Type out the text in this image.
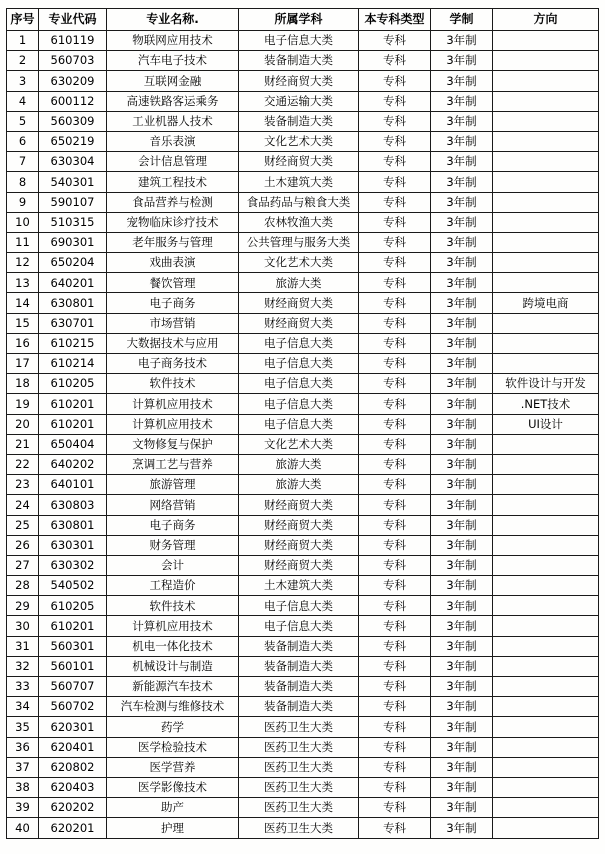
序号	专业代码	专业名称.	所属学科	本专科类型	学制	方向
1	610119	物联网应用技术	电子信息大类	专科	3年制	
2	560703	汽车电子技术	装备制造大类	专科	3年制	
3	630209	互联网金融	财经商贸大类	专科	3年制	
4	600112	高速铁路客运乘务	交通运输大类	专科	3年制	
5	560309	工业机器人技术	装备制造大类	专科	3年制	
6	650219	音乐表演	文化艺术大类	专科	3年制	
7	630304	会计信息管理	财经商贸大类	专科	3年制	
8	540301	建筑工程技术	土木建筑大类	专科	3年制	
9	590107	食品营养与检测	食品药品与粮食大类	专科	3年制	
10	510315	宠物临床诊疗技术	农林牧渔大类	专科	3年制	
11	690301	老年服务与管理	公共管理与服务大类	专科	3年制	
12	650204	戏曲表演	文化艺术大类	专科	3年制	
13	640201	餐饮管理	旅游大类	专科	3年制	
14	630801	电子商务	财经商贸大类	专科	3年制	跨境电商
15	630701	市场营销	财经商贸大类	专科	3年制	
16	610215	大数据技术与应用	电子信息大类	专科	3年制	
17	610214	电子商务技术	电子信息大类	专科	3年制	
18	610205	软件技术	电子信息大类	专科	3年制	软件设计与开发
19	610201	计算机应用技术	电子信息大类	专科	3年制	.NET技术
20	610201	计算机应用技术	电子信息大类	专科	3年制	UI设计
21	650404	文物修复与保护	文化艺术大类	专科	3年制	
22	640202	烹调工艺与营养	旅游大类	专科	3年制	
23	640101	旅游管理	旅游大类	专科	3年制	
24	630803	网络营销	财经商贸大类	专科	3年制	
25	630801	电子商务	财经商贸大类	专科	3年制	
26	630301	财务管理	财经商贸大类	专科	3年制	
27	630302	会计	财经商贸大类	专科	3年制	
28	540502	工程造价	土木建筑大类	专科	3年制	
29	610205	软件技术	电子信息大类	专科	3年制	
30	610201	计算机应用技术	电子信息大类	专科	3年制	
31	560301	机电一体化技术	装备制造大类	专科	3年制	
32	560101	机械设计与制造	装备制造大类	专科	3年制	
33	560707	新能源汽车技术	装备制造大类	专科	3年制	
34	560702	汽车检测与维修技术	装备制造大类	专科	3年制	
35	620301	药学	医药卫生大类	专科	3年制	
36	620401	医学检验技术	医药卫生大类	专科	3年制	
37	620802	医学营养	医药卫生大类	专科	3年制	
38	620403	医学影像技术	医药卫生大类	专科	3年制	
39	620202	助产	医药卫生大类	专科	3年制	
40	620201	护理	医药卫生大类	专科	3年制	
